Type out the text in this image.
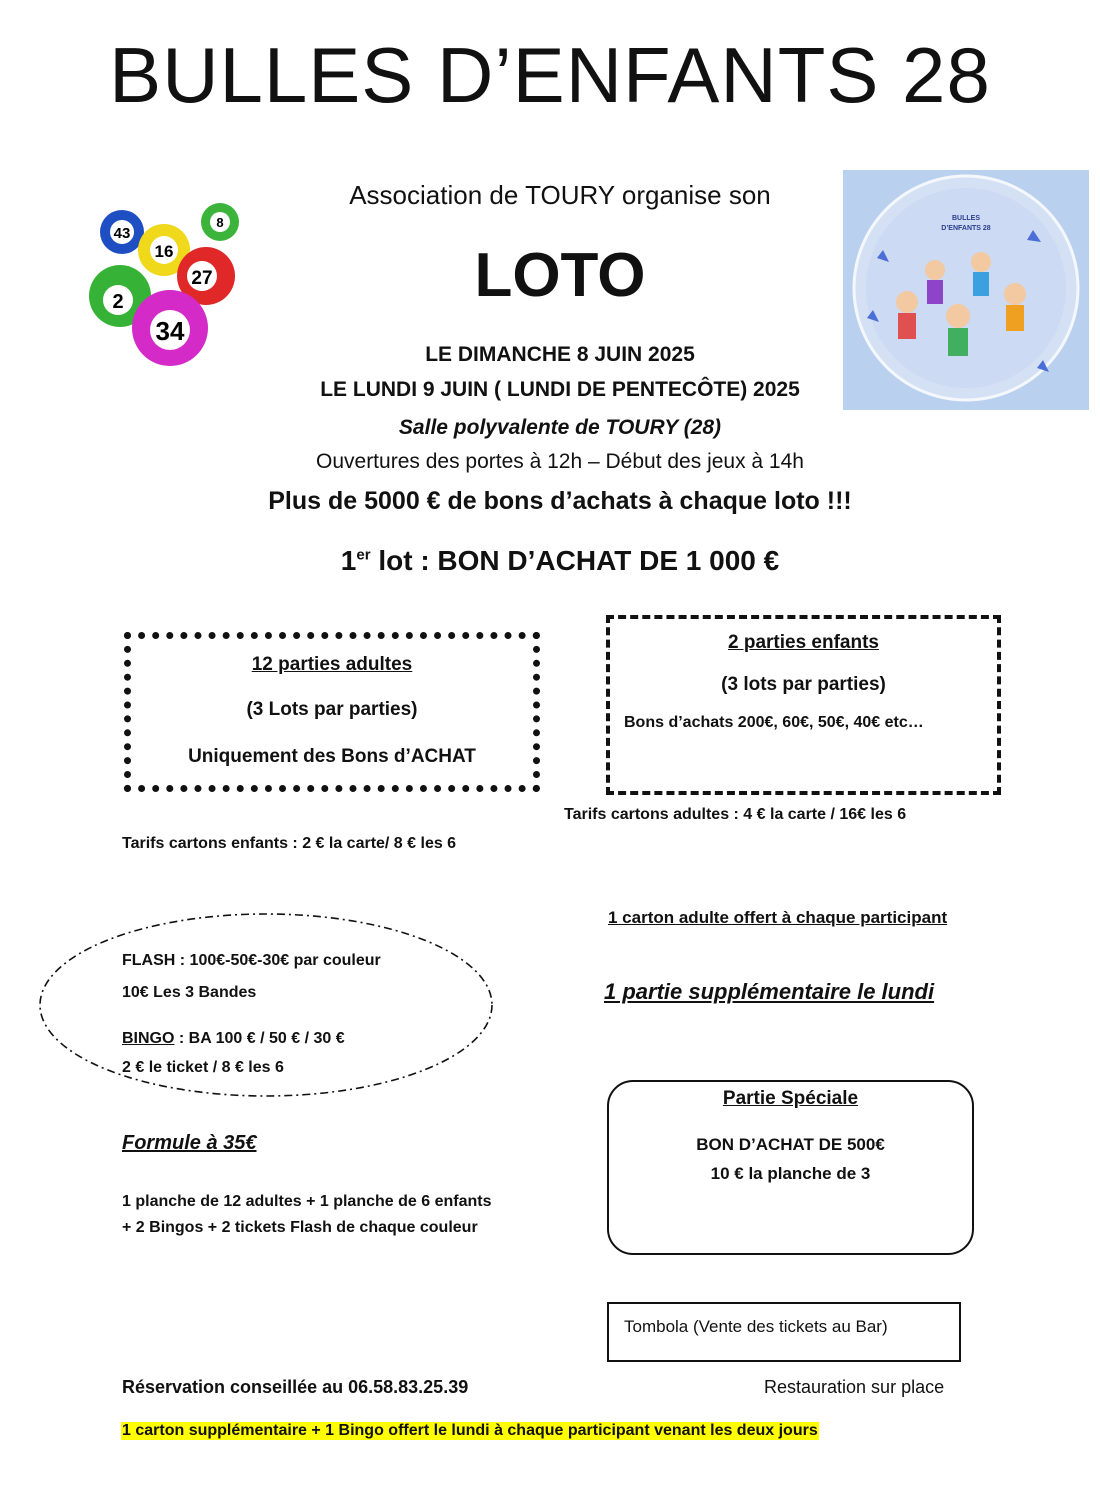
BULLES D’ENFANTS 28
43
8
16
27
2
34
Association de TOURY organise son
LOTO
BULLES
D’ENFANTS 28
LE DIMANCHE 8 JUIN 2025
LE LUNDI 9 JUIN ( LUNDI DE PENTECÔTE) 2025
Salle polyvalente de TOURY (28)
Ouvertures des portes à 12h – Début des jeux à 14h
Plus de 5000 € de bons d’achats à chaque loto !!!
1er lot : BON D’ACHAT DE 1 000 €
12 parties adultes
(3 Lots par parties)
Uniquement des Bons d’ACHAT
2 parties enfants
(3 lots par parties)
Bons d’achats 200€, 60€, 50€, 40€ etc…
Tarifs cartons adultes : 4 € la carte / 16€ les 6
Tarifs cartons enfants : 2 € la carte/ 8 € les 6
1 carton adulte offert à chaque participant
1 partie supplémentaire le lundi
FLASH : 100€-50€-30€ par couleur
10€ Les 3 Bandes
BINGO : BA 100 € / 50 € / 30 €
2 € le ticket / 8 € les 6
Formule à 35€
1 planche de 12 adultes + 1 planche de 6 enfants
+ 2 Bingos + 2 tickets Flash de chaque couleur
Partie Spéciale
BON D’ACHAT DE 500€
10 € la planche de 3
Tombola (Vente des tickets au Bar)
Réservation conseillée au 06.58.83.25.39	Restauration sur place
1 carton supplémentaire + 1 Bingo offert le lundi à chaque participant venant les deux jours
